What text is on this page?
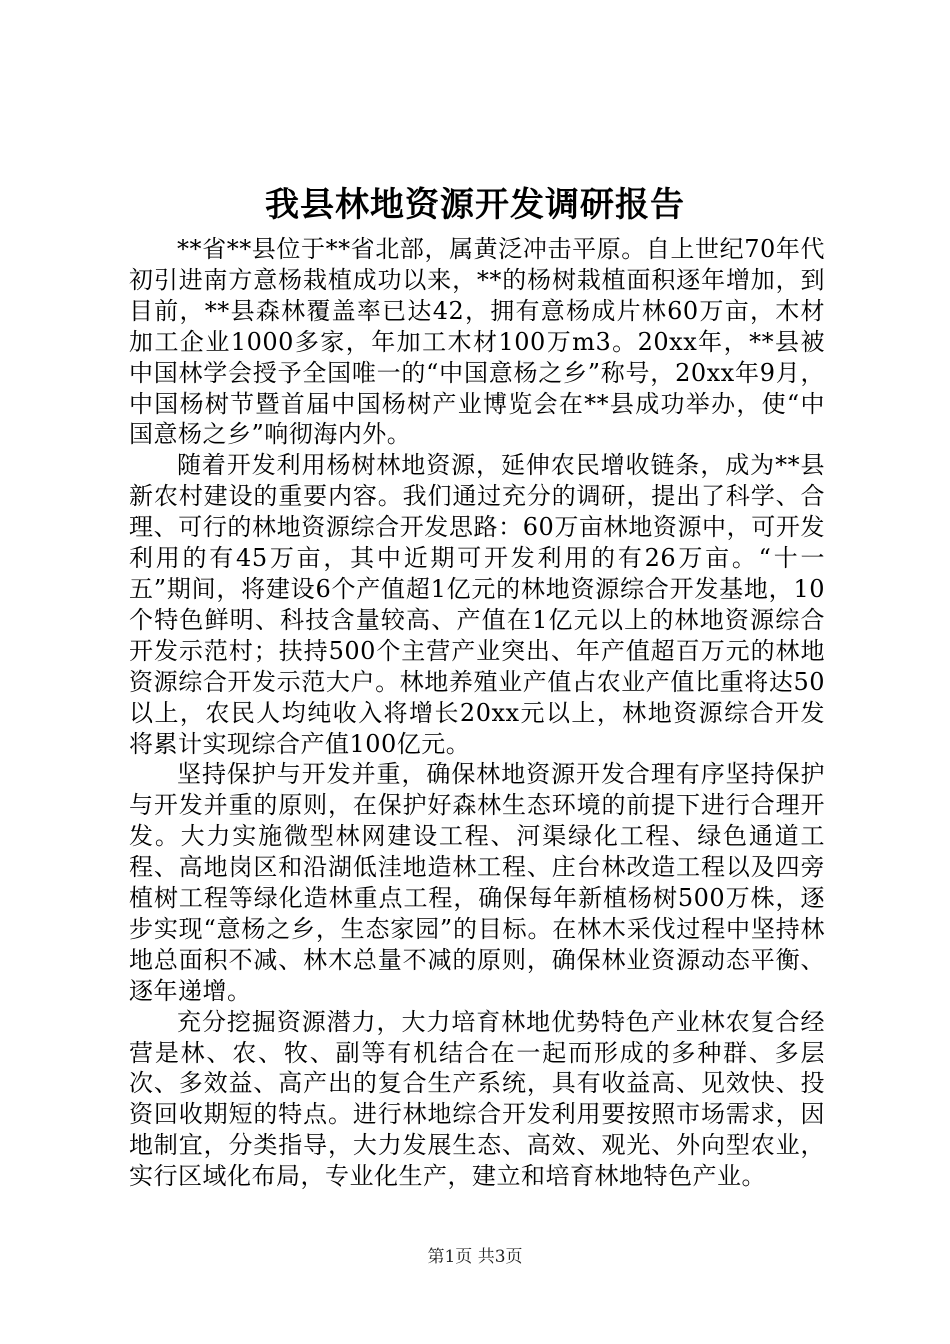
我县林地资源开发调研报告

**省**县位于**省北部，属黄泛冲击平原。自上世纪70年代初引进南方意杨栽植成功以来，**的杨树栽植面积逐年增加，到目前，**县森林覆盖率已达42，拥有意杨成片林60万亩，木材加工企业1000多家，年加工木材100万m3。20xx年，**县被中国林学会授予全国唯一的“中国意杨之乡”称号，20xx年9月，中国杨树节暨首届中国杨树产业博览会在**县成功举办，使“中国意杨之乡”响彻海内外。

随着开发利用杨树林地资源，延伸农民增收链条，成为**县新农村建设的重要内容。我们通过充分的调研，提出了科学、合理、可行的林地资源综合开发思路：60万亩林地资源中，可开发利用的有45万亩，其中近期可开发利用的有26万亩。“十一五”期间，将建设6个产值超1亿元的林地资源综合开发基地，10个特色鲜明、科技含量较高、产值在1亿元以上的林地资源综合开发示范村；扶持500个主营产业突出、年产值超百万元的林地资源综合开发示范大户。林地养殖业产值占农业产值比重将达50以上，农民人均纯收入将增长20xx元以上，林地资源综合开发将累计实现综合产值100亿元。

坚持保护与开发并重，确保林地资源开发合理有序坚持保护与开发并重的原则，在保护好森林生态环境的前提下进行合理开发。大力实施微型林网建设工程、河渠绿化工程、绿色通道工程、高地岗区和沿湖低洼地造林工程、庄台林改造工程以及四旁植树工程等绿化造林重点工程，确保每年新植杨树500万株，逐步实现“意杨之乡，生态家园”的目标。在林木采伐过程中坚持林地总面积不减、林木总量不减的原则，确保林业资源动态平衡、逐年递增。

充分挖掘资源潜力，大力培育林地优势特色产业林农复合经营是林、农、牧、副等有机结合在一起而形成的多种群、多层次、多效益、高产出的复合生产系统，具有收益高、见效快、投资回收期短的特点。进行林地综合开发利用要按照市场需求，因地制宜，分类指导，大力发展生态、高效、观光、外向型农业，实行区域化布局，专业化生产，建立和培育林地特色产业。

第1页 共3页
